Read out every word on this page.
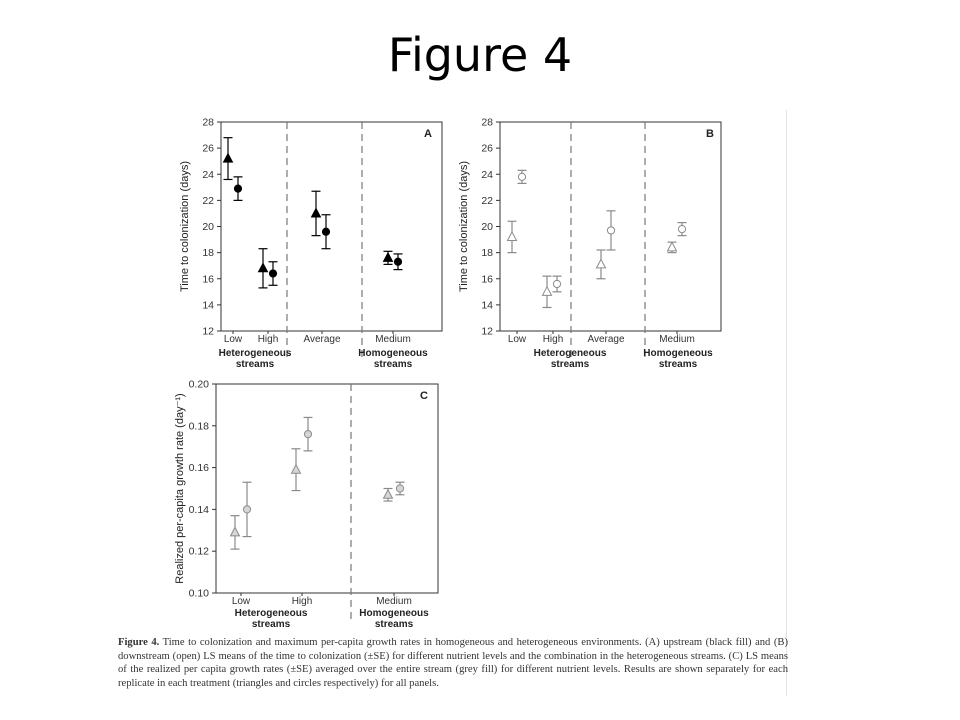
Figure 4
12
14
16
18
20
22
24
26
28
Time to colonization (days)
A
Low High	Average	Medium
Heterogeneous
streams
Homogeneous
streams
12
14
16
18
20
22
24
26
28
Time to colonization (days)
B
Low High Average	Medium
Heterogeneous
streams
Homogeneous
streams
0.10
0.12
0.14
0.16
0.18
0.20
Realized per-capita growth rate (day⁻¹)	C
Low	High	Medium
Heterogeneous
streams
Homogeneous
streams

Figure 4. Time to colonization and maximum per-capita growth rates in homogeneous and heterogeneous environments. (A) upstream (black fill) and (B) downstream (open) LS means of the time to colonization (±SE) for different nutrient levels and the combination in the heterogeneous streams. (C) LS means of the realized per capita growth rates (±SE) averaged over the entire stream (grey fill) for different nutrient levels. Results are shown separately for each replicate in each treatment (triangles and circles respectively) for all panels.
